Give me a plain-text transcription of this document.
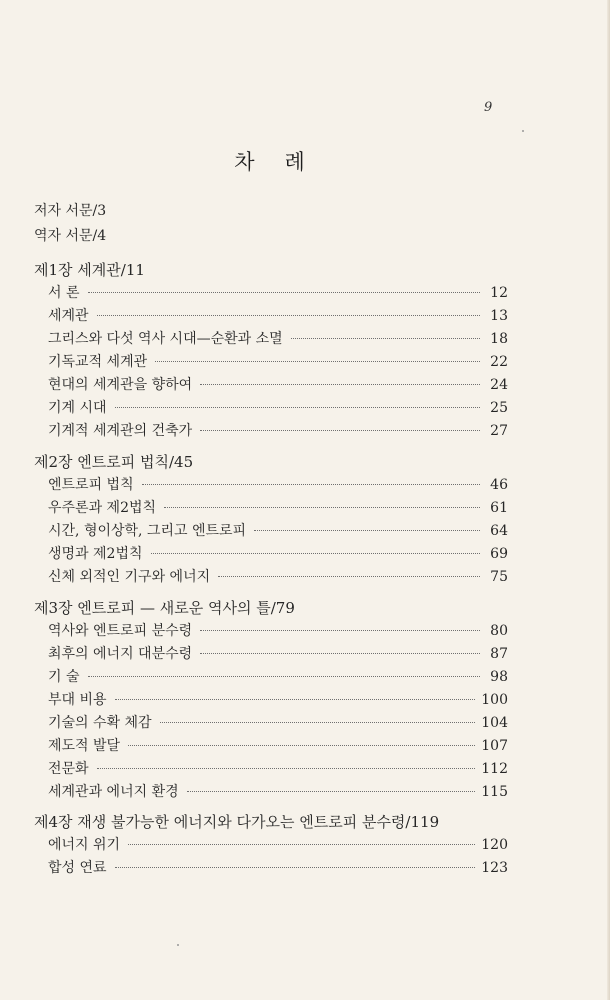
9
차 례
저자 서문/3
역자 서문/4
제1장 세계관/11
서 론	12
세계관	13
그리스와 다섯 역사 시대—순환과 소멸	18
기독교적 세계관	22
현대의 세계관을 향하여	24
기계 시대	25
기계적 세계관의 건축가	27
제2장 엔트로피 법칙/45
엔트로피 법칙	46
우주론과 제2법칙	61
시간, 형이상학, 그리고 엔트로피	64
생명과 제2법칙	69
신체 외적인 기구와 에너지	75
제3장 엔트로피 — 새로운 역사의 틀/79
역사와 엔트로피 분수령	80
최후의 에너지 대분수령	87
기 술	98
부대 비용	100
기술의 수확 체감	104
제도적 발달	107
전문화	112
세계관과 에너지 환경	115
제4장 재생 불가능한 에너지와 다가오는 엔트로피 분수령/119
에너지 위기	120
합성 연료	123
